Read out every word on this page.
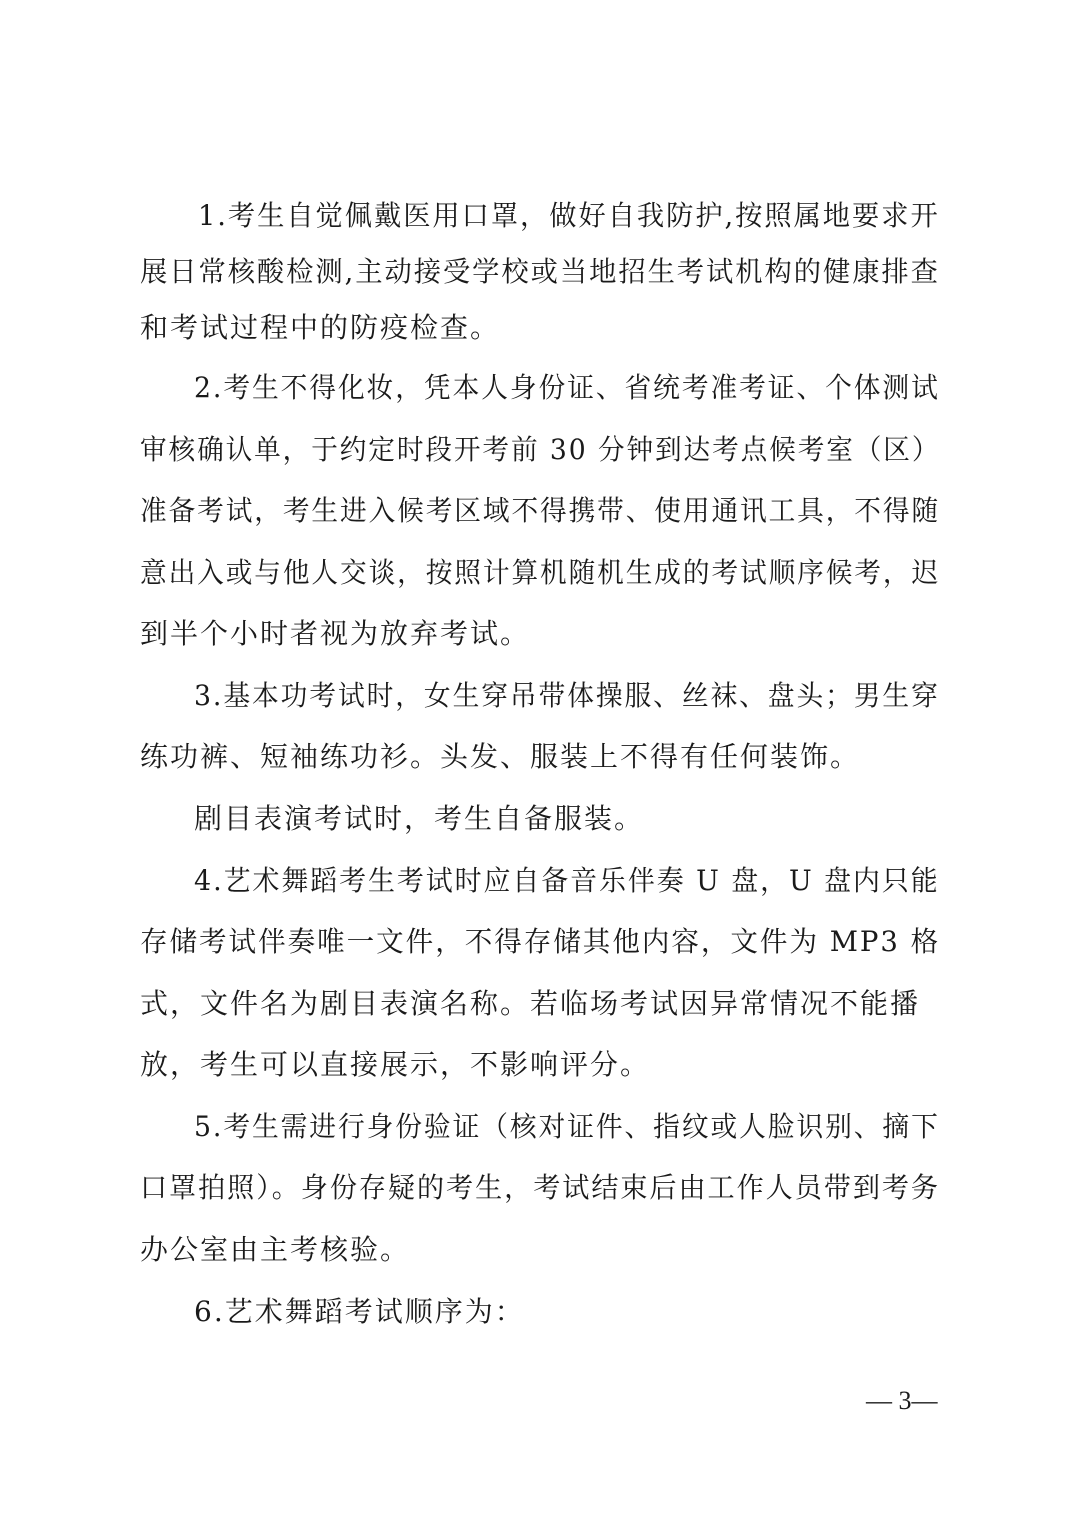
1.考生自觉佩戴医用口罩，做好自我防护,按照属地要求开
展日常核酸检测,主动接受学校或当地招生考试机构的健康排查
和考试过程中的防疫检查。
2.考生不得化妆，凭本人身份证、省统考准考证、个体测试
审核确认单，于约定时段开考前 30 分钟到达考点候考室（区）
准备考试，考生进入候考区域不得携带、使用通讯工具，不得随
意出入或与他人交谈，按照计算机随机生成的考试顺序候考，迟
到半个小时者视为放弃考试。
3.基本功考试时，女生穿吊带体操服、丝袜、盘头；男生穿
练功裤、短袖练功衫。头发、服装上不得有任何装饰。
剧目表演考试时，考生自备服装。
4.艺术舞蹈考生考试时应自备音乐伴奏 U 盘，U 盘内只能
存储考试伴奏唯一文件，不得存储其他内容，文件为 MP3 格
式，文件名为剧目表演名称。若临场考试因异常情况不能播
放，考生可以直接展示，不影响评分。
5.考生需进行身份验证（核对证件、指纹或人脸识别、摘下
口罩拍照）。身份存疑的考生，考试结束后由工作人员带到考务
办公室由主考核验。
6.艺术舞蹈考试顺序为：
— 3—
